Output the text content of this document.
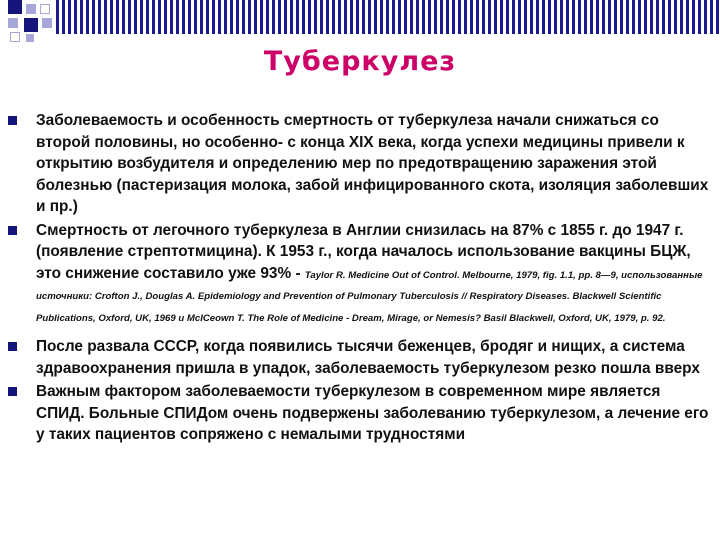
Туберкулез
Заболеваемость и особенность смертность от туберкулеза начали снижаться со второй половины, но особенно- с конца XIX века, когда успехи медицины привели к открытию возбудителя и определению мер по предотвращению заражения этой болезнью (пастеризация молока, забой инфицированного скота, изоляция заболевших и пр.)
Смертность от легочного туберкулеза в Англии снизилась на 87% с 1855 г. до 1947 г. (появление стрептотмицина). К 1953 г., когда началось использование вакцины БЦЖ, это снижение составило уже 93% - Taylor R. Medicine Out of Control. Melbourne, 1979, fig. 1.1, pp. 8—9, использованные источники: Crofton J., Douglas A. Epidemiology and Prevention of Pulmonary Tuberculosis // Respiratory Diseases. Blackwell Scientific Publications, Oxford, UK, 1969 и McICeown T. The Role of Medicine - Dream, Mirage, or Nemesis? Basil Blackwell, Oxford, UK, 1979, p. 92.
После развала СССР, когда появились тысячи беженцев, бродяг и нищих, а система здравоохранения пришла в упадок, заболеваемость туберкулезом резко пошла вверх
Важным фактором заболеваемости туберкулезом в современном мире является СПИД. Больные СПИДом очень подвержены заболеванию туберкулезом, а лечение его у таких пациентов сопряжено с немалыми трудностями
